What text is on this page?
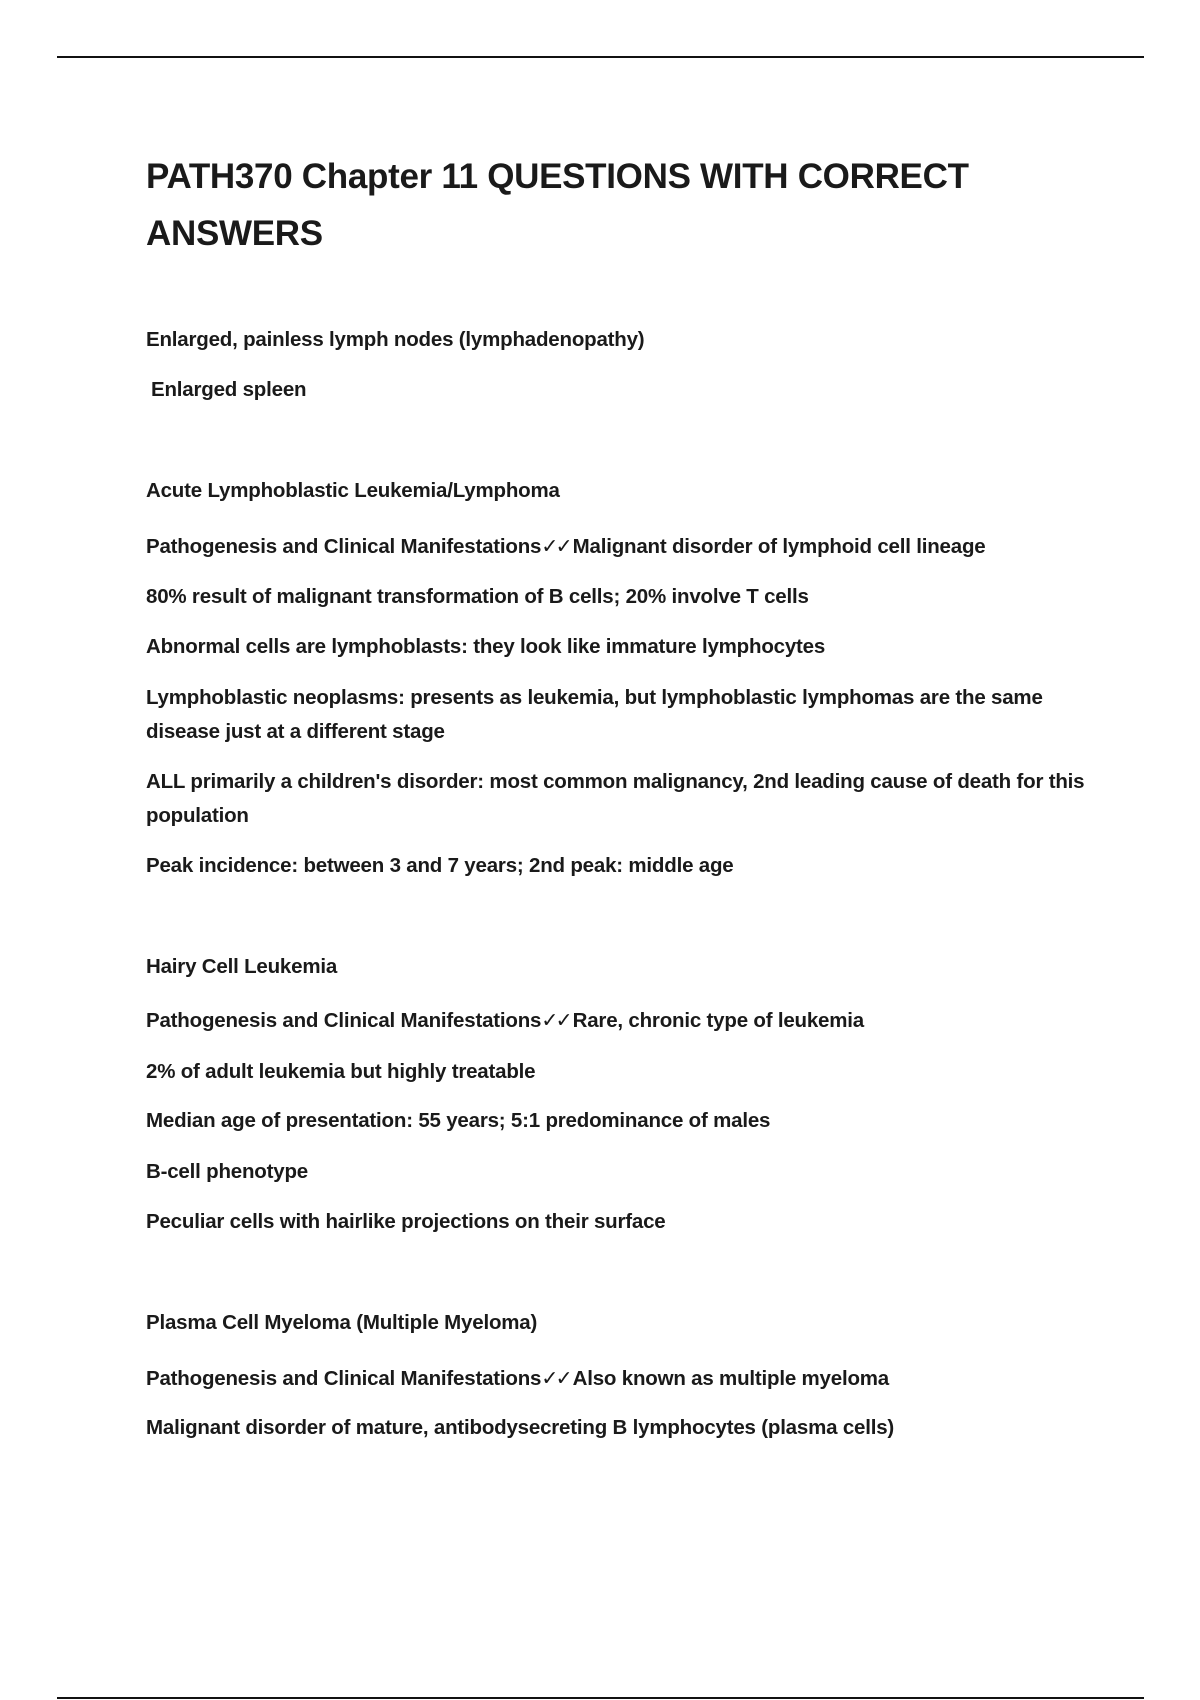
PATH370 Chapter 11 QUESTIONS WITH CORRECT ANSWERS

Enlarged, painless lymph nodes (lymphadenopathy)

Enlarged spleen

Acute Lymphoblastic Leukemia/Lymphoma

Pathogenesis and Clinical Manifestations✓✓ Malignant disorder of lymphoid cell lineage

80% result of malignant transformation of B cells; 20% involve T cells

Abnormal cells are lymphoblasts: they look like immature lymphocytes

Lymphoblastic neoplasms: presents as leukemia, but lymphoblastic lymphomas are the same disease just at a different stage

ALL primarily a children's disorder: most common malignancy, 2nd leading cause of death for this population

Peak incidence: between 3 and 7 years; 2nd peak: middle age

Hairy Cell Leukemia

Pathogenesis and Clinical Manifestations✓✓ Rare, chronic type of leukemia

2% of adult leukemia but highly treatable

Median age of presentation: 55 years; 5:1 predominance of males

B-cell phenotype

Peculiar cells with hairlike projections on their surface

Plasma Cell Myeloma (Multiple Myeloma)

Pathogenesis and Clinical Manifestations✓✓ Also known as multiple myeloma

Malignant disorder of mature, antibodysecreting B lymphocytes (plasma cells)
